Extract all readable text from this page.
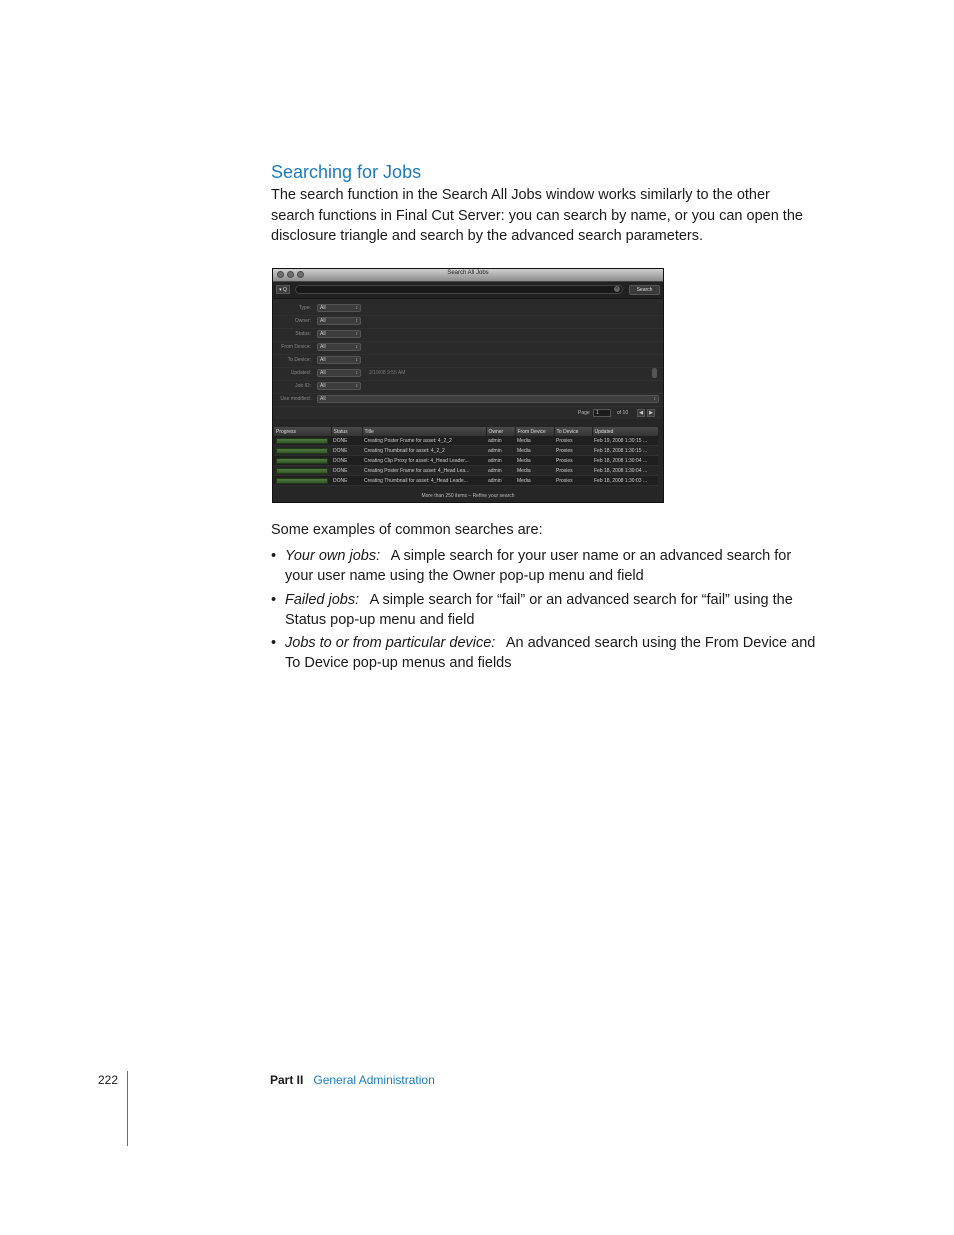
Searching for Jobs

The search function in the Search All Jobs window works similarly to the other search functions in Final Cut Server: you can search by name, or you can open the disclosure triangle and search by the advanced search parameters.

Search All Jobs
▾ Q	×	Search
Type:	All ↕
Owner:	All ↕
Status:	All ↕
From Device:	All ↕
To Device:	All ↕
Updated:	All ↕	2/19/08 9:55 AM
Job ID:	All ↕
Use modified:	All ↕
Page	1	of 10	◀	▶
Progress	Status	Title	Owner	From Device	To Device	Updated

	DONE	Creating Poster Frame for asset: 4_2_2	admin	Media	Proxies	Feb 19, 2008 1:30:15 ...

	DONE	Creating Thumbnail for asset: 4_2_2	admin	Media	Proxies	Feb 18, 2008 1:30:15 ...

	DONE	Creating Clip Proxy for asset: 4_Head Leader...	admin	Media	Proxies	Feb 18, 2008 1:30:04 ...

	DONE	Creating Poster Frame for asset: 4_Head Lea...	admin	Media	Proxies	Feb 18, 2008 1:30:04 ...

	DONE	Creating Thumbnail for asset: 4_Head Leade...	admin	Media	Proxies	Feb 18, 2008 1:30:03 ...
More than 250 items – Refine your search

Some examples of common searches are:

• Your own jobs:  A simple search for your user name or an advanced search for your user name using the Owner pop-up menu and field
• Failed jobs:  A simple search for “fail” or an advanced search for “fail” using the Status pop-up menu and field
• Jobs to or from particular device:  An advanced search using the From Device and To Device pop-up menus and fields
222	Part II General Administration
